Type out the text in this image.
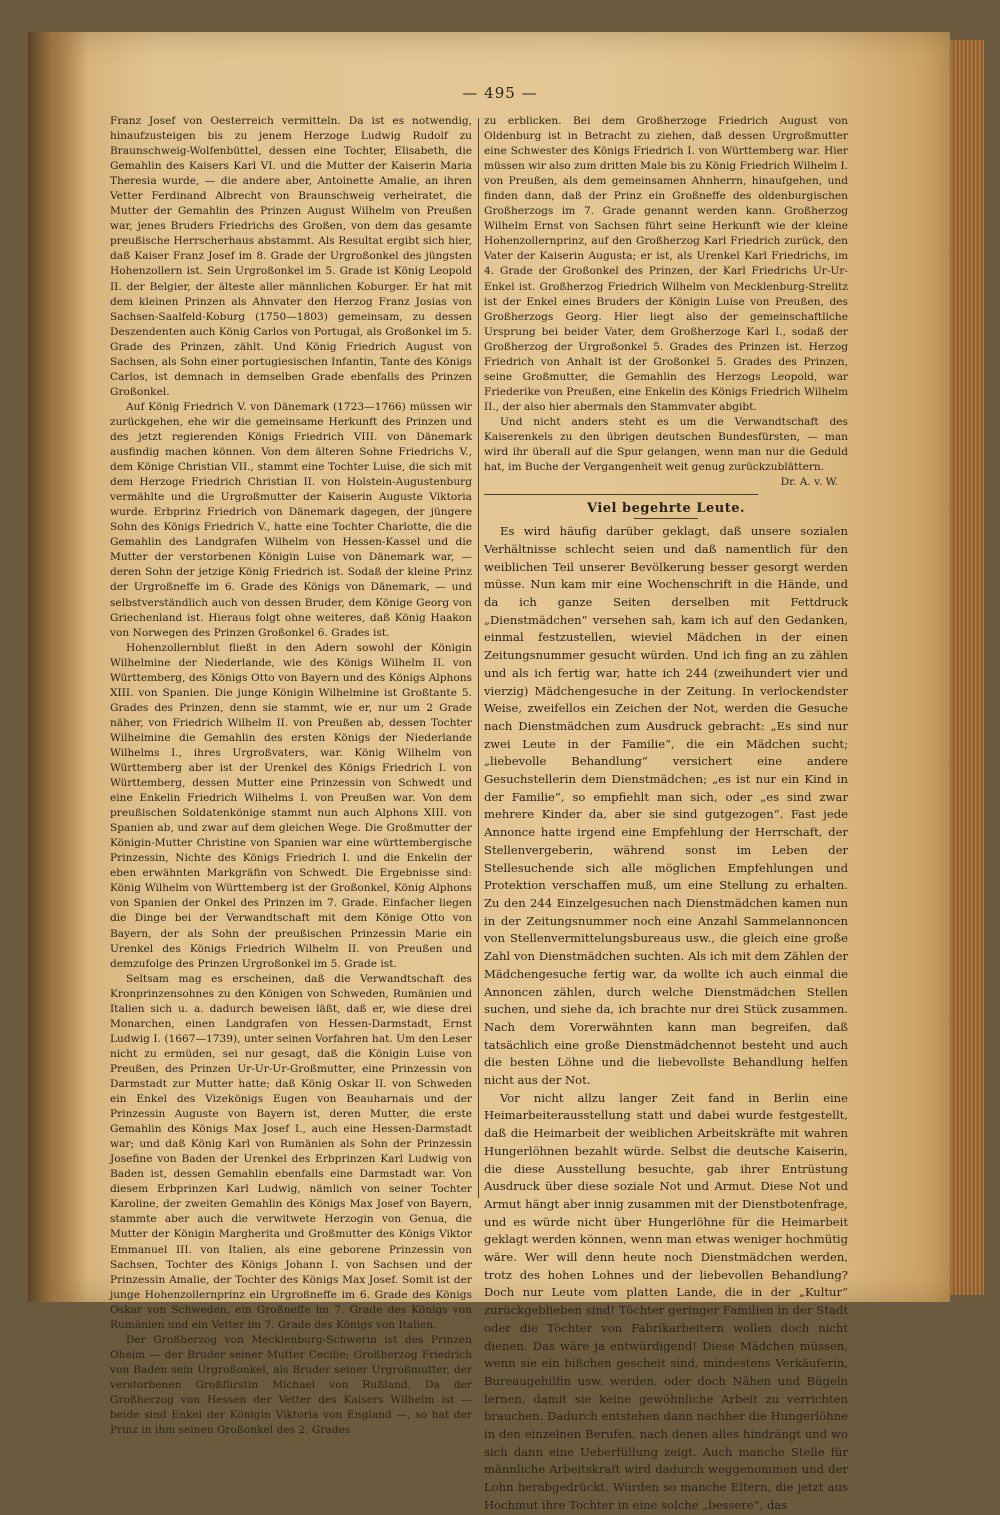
— 495 —

Franz Josef von Oesterreich vermitteln. Da ist es notwendig, hinaufzusteigen bis zu jenem Herzoge Ludwig Rudolf zu Braunschweig-Wolfenbüttel, dessen eine Tochter, Elisabeth, die Gemahlin des Kaisers Karl VI. und die Mutter der Kaiserin Maria Theresia wurde, — die andere aber, Antoinette Amalie, an ihren Vetter Ferdinand Albrecht von Braunschweig verheiratet, die Mutter der Gemahlin des Prinzen August Wilhelm von Preußen war, jenes Bruders Friedrichs des Großen, von dem das gesamte preußische Herrscherhaus abstammt. Als Resultat ergibt sich hier, daß Kaiser Franz Josef im 8. Grade der Urgroßonkel des jüngsten Hohenzollern ist. Sein Urgroßonkel im 5. Grade ist König Leopold II. der Belgier, der älteste aller männlichen Koburger. Er hat mit dem kleinen Prinzen als Ahnvater den Herzog Franz Josias von Sachsen-Saalfeld-Koburg (1750—1803) gemeinsam, zu dessen Deszendenten auch König Carlos von Portugal, als Großonkel im 5. Grade des Prinzen, zählt. Und König Friedrich August von Sachsen, als Sohn einer portugiesischen Infantin, Tante des Königs Carlos, ist demnach in demselben Grade ebenfalls des Prinzen Großonkel.

Auf König Friedrich V. von Dänemark (1723—1766) müssen wir zurückgehen, ehe wir die gemeinsame Herkunft des Prinzen und des jetzt regierenden Königs Friedrich VIII. von Dänemark ausfindig machen können. Von dem älteren Sohne Friedrichs V., dem Könige Christian VII., stammt eine Tochter Luise, die sich mit dem Herzoge Friedrich Christian II. von Holstein-Augustenburg vermählte und die Urgroßmutter der Kaiserin Auguste Viktoria wurde. Erbprinz Friedrich von Dänemark dagegen, der jüngere Sohn des Königs Friedrich V., hatte eine Tochter Charlotte, die die Gemahlin des Landgrafen Wilhelm von Hessen-Kassel und die Mutter der verstorbenen Königin Luise von Dänemark war, — deren Sohn der jetzige König Friedrich ist. Sodaß der kleine Prinz der Urgroßneffe im 6. Grade des Königs von Dänemark, — und selbstverständlich auch von dessen Bruder, dem Könige Georg von Griechenland ist. Hieraus folgt ohne weiteres, daß König Haakon von Norwegen des Prinzen Großonkel 6. Grades ist.

Hohenzollernblut fließt in den Adern sowohl der Königin Wilhelmine der Niederlande, wie des Königs Wilhelm II. von Württemberg, des Königs Otto von Bayern und des Königs Alphons XIII. von Spanien. Die junge Königin Wilhelmine ist Großtante 5. Grades des Prinzen, denn sie stammt, wie er, nur um 2 Grade näher, von Friedrich Wilhelm II. von Preußen ab, dessen Tochter Wilhelmine die Gemahlin des ersten Königs der Niederlande Wilhelms I., ihres Urgroßvaters, war. König Wilhelm von Württemberg aber ist der Urenkel des Königs Friedrich I. von Württemberg, dessen Mutter eine Prinzessin von Schwedt und eine Enkelin Friedrich Wilhelms I. von Preußen war. Von dem preußischen Soldatenkönige stammt nun auch Alphons XIII. von Spanien ab, und zwar auf dem gleichen Wege. Die Großmutter der Königin-Mutter Christine von Spanien war eine württembergische Prinzessin, Nichte des Königs Friedrich I. und die Enkelin der eben erwähnten Markgräfin von Schwedt. Die Ergebnisse sind: König Wilhelm von Württemberg ist der Großonkel, König Alphons von Spanien der Onkel des Prinzen im 7. Grade. Einfacher liegen die Dinge bei der Verwandtschaft mit dem Könige Otto von Bayern, der als Sohn der preußischen Prinzessin Marie ein Urenkel des Königs Friedrich Wilhelm II. von Preußen und demzufolge des Prinzen Urgroßonkel im 5. Grade ist.

Seltsam mag es erscheinen, daß die Verwandtschaft des Kronprinzensohnes zu den Königen von Schweden, Rumänien und Italien sich u. a. dadurch beweisen läßt, daß er, wie diese drei Monarchen, einen Landgrafen von Hessen-Darmstadt, Ernst Ludwig I. (1667—1739), unter seinen Vorfahren hat. Um den Leser nicht zu ermüden, sei nur gesagt, daß die Königin Luise von Preußen, des Prinzen Ur-Ur-Ur-Großmutter, eine Prinzessin von Darmstadt zur Mutter hatte; daß König Oskar II. von Schweden ein Enkel des Vizekönigs Eugen von Beauharnais und der Prinzessin Auguste von Bayern ist, deren Mutter, die erste Gemahlin des Königs Max Josef I., auch eine Hessen-Darmstadt war; und daß König Karl von Rumänien als Sohn der Prinzessin Josefine von Baden der Urenkel des Erbprinzen Karl Ludwig von Baden ist, dessen Gemahlin ebenfalls eine Darmstadt war. Von diesem Erbprinzen Karl Ludwig, nämlich von seiner Tochter Karoline, der zweiten Gemahlin des Königs Max Josef von Bayern, stammte aber auch die verwitwete Herzogin von Genua, die Mutter der Königin Margherita und Großmutter des Königs Viktor Emmanuel III. von Italien, als eine geborene Prinzessin von Sachsen, Tochter des Königs Johann I. von Sachsen und der Prinzessin Amalie, der Tochter des Königs Max Josef. Somit ist der junge Hohenzollernprinz ein Urgroßneffe im 6. Grade des Königs Oskar von Schweden, ein Großneffe im 7. Grade des Königs von Rumänien und ein Vetter im 7. Grade des Königs von Italien.

Der Großherzog von Mecklenburg-Schwerin ist des Prinzen Oheim — der Bruder seiner Mutter Cecilie; Großherzog Friedrich von Baden sein Urgroßonkel, als Bruder seiner Urgroßmutter, der verstorbenen Großfürstin Michael von Rußland. Da der Großherzog von Hessen der Vetter des Kaisers Wilhelm ist — beide sind Enkel der Königin Viktoria von England —, so hat der Prinz in ihm seinen Großonkel des 2. Grades

zu erblicken. Bei dem Großherzoge Friedrich August von Oldenburg ist in Betracht zu ziehen, daß dessen Urgroßmutter eine Schwester des Königs Friedrich I. von Württemberg war. Hier müssen wir also zum dritten Male bis zu König Friedrich Wilhelm I. von Preußen, als dem gemeinsamen Ahnherrn, hinaufgehen, und finden dann, daß der Prinz ein Großneffe des oldenburgischen Großherzogs im 7. Grade genannt werden kann. Großherzog Wilhelm Ernst von Sachsen führt seine Herkunft wie der kleine Hohenzollernprinz, auf den Großherzog Karl Friedrich zurück, den Vater der Kaiserin Augusta; er ist, als Urenkel Karl Friedrichs, im 4. Grade der Großonkel des Prinzen, der Karl Friedrichs Ur-Ur-Enkel ist. Großherzog Friedrich Wilhelm von Mecklenburg-Strelitz ist der Enkel eines Bruders der Königin Luise von Preußen, des Großherzogs Georg. Hier liegt also der gemeinschaftliche Ursprung bei beider Vater, dem Großherzoge Karl I., sodaß der Großherzog der Urgroßonkel 5. Grades des Prinzen ist. Herzog Friedrich von Anhalt ist der Großonkel 5. Grades des Prinzen, seine Großmutter, die Gemahlin des Herzogs Leopold, war Friederike von Preußen, eine Enkelin des Königs Friedrich Wilhelm II., der also hier abermals den Stammvater abgibt.

Und nicht anders steht es um die Verwandtschaft des Kaiserenkels zu den übrigen deutschen Bundesfürsten, — man wird ihr überall auf die Spur gelangen, wenn man nur die Geduld hat, im Buche der Vergangenheit weit genug zurückzublättern.

Dr. A. v. W.

Viel begehrte Leute.

Es wird häufig darüber geklagt, daß unsere sozialen Verhältnisse schlecht seien und daß namentlich für den weiblichen Teil unserer Bevölkerung besser gesorgt werden müsse. Nun kam mir eine Wochenschrift in die Hände, und da ich ganze Seiten derselben mit Fettdruck „Dienstmädchen“ versehen sah, kam ich auf den Gedanken, einmal festzustellen, wieviel Mädchen in der einen Zeitungsnummer gesucht würden. Und ich fing an zu zählen und als ich fertig war, hatte ich 244 (zweihundert vier und vierzig) Mädchengesuche in der Zeitung. In verlockendster Weise, zweifellos ein Zeichen der Not, werden die Gesuche nach Dienstmädchen zum Ausdruck gebracht: „Es sind nur zwei Leute in der Familie“, die ein Mädchen sucht; „liebevolle Behandlung“ versichert eine andere Gesuchstellerin dem Dienstmädchen; „es ist nur ein Kind in der Familie“, so empfiehlt man sich, oder „es sind zwar mehrere Kinder da, aber sie sind gutgezogen“. Fast jede Annonce hatte irgend eine Empfehlung der Herrschaft, der Stellenvergeberin, während sonst im Leben der Stellesuchende sich alle möglichen Empfehlungen und Protektion verschaffen muß, um eine Stellung zu erhalten. Zu den 244 Einzelgesuchen nach Dienstmädchen kamen nun in der Zeitungsnummer noch eine Anzahl Sammelannoncen von Stellenvermittelungsbureaus usw., die gleich eine große Zahl von Dienstmädchen suchten. Als ich mit dem Zählen der Mädchengesuche fertig war, da wollte ich auch einmal die Annoncen zählen, durch welche Dienstmädchen Stellen suchen, und siehe da, ich brachte nur drei Stück zusammen. Nach dem Vorerwähnten kann man begreifen, daß tatsächlich eine große Dienstmädchennot besteht und auch die besten Löhne und die liebevollste Behandlung helfen nicht aus der Not.

Vor nicht allzu langer Zeit fand in Berlin eine Heimarbeiterausstellung statt und dabei wurde festgestellt, daß die Heimarbeit der weiblichen Arbeitskräfte mit wahren Hungerlöhnen bezahlt würde. Selbst die deutsche Kaiserin, die diese Ausstellung besuchte, gab ihrer Entrüstung Ausdruck über diese soziale Not und Armut. Diese Not und Armut hängt aber innig zusammen mit der Dienstbotenfrage, und es würde nicht über Hungerlöhne für die Heimarbeit geklagt werden können, wenn man etwas weniger hochmütig wäre. Wer will denn heute noch Dienstmädchen werden, trotz des hohen Lohnes und der liebevollen Behandlung? Doch nur Leute vom platten Lande, die in der „Kultur“ zurückgeblieben sind! Töchter geringer Familien in der Stadt oder die Töchter von Fabrikarbeitern wollen doch nicht dienen. Das wäre ja entwürdigend! Diese Mädchen müssen, wenn sie ein bißchen gescheit sind, mindestens Verkäuferin, Bureaugehilfin usw. werden, oder doch Nähen und Bügeln lernen, damit sie keine gewöhnliche Arbeit zu verrichten brauchen. Dadurch entstehen dann nachher die Hungerlöhne in den einzelnen Berufen, nach denen alles hindrängt und wo sich dann eine Ueberfüllung zeigt. Auch manche Stelle für männliche Arbeitskraft wird dadurch weggenommen und der Lohn herabgedrückt. Würden so manche Eltern, die jetzt aus Hochmut ihre Tochter in eine solche „bessere“, das
